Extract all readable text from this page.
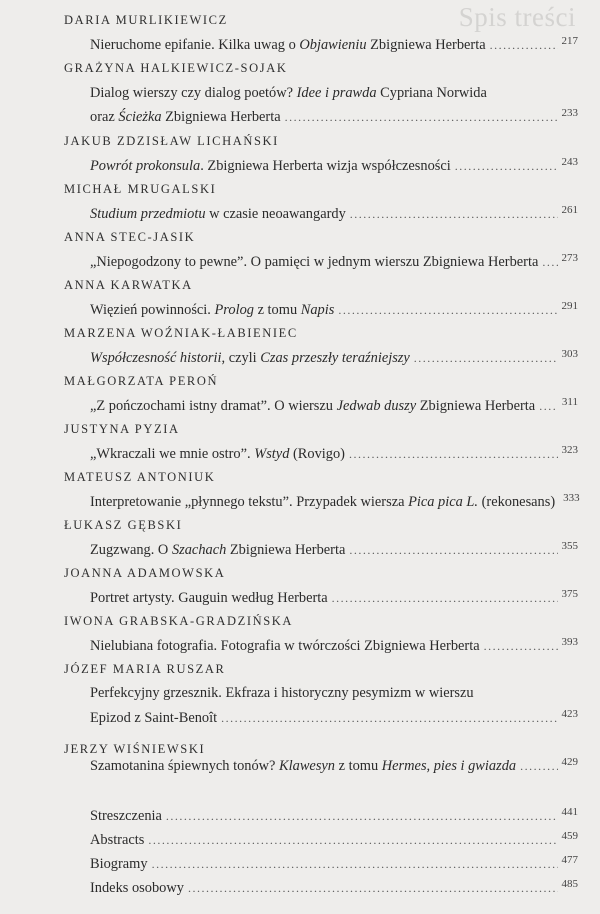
Spis treści
DARIA MURLIKIEWICZ
Nieruchome epifanie. Kilka uwag o Objawieniu Zbigniewa Herberta .....	217
GRAŻYNA HALKIEWICZ-SOJAK
Dialog wierszy czy dialog poetów? Idee i prawda Cypriana Norwida
oraz Ścieżka Zbigniewa Herberta .....	233
JAKUB ZDZISŁAW LICHAŃSKI
Powrót prokonsula. Zbigniewa Herberta wizja współczesności .....	243
MICHAŁ MRUGALSKI
Studium przedmiotu w czasie neoawangardy .....	261
ANNA STEC-JASIK
„Niepogodzony to pewne”. O pamięci w jednym wierszu Zbigniewa Herberta ..... 273
ANNA KARWATKA
Więzień powinności. Prolog z tomu Napis .....	291
MARZENA WOŹNIAK-ŁABIENIEC
Współczesność historii, czyli Czas przeszły teraźniejszy .....	303
MAŁGORZATA PEROŃ
„Z pończochami istny dramat”. O wierszu Jedwab duszy Zbigniewa Herberta ..... 311
JUSTYNA PYZIA
„Wkraczali we mnie ostro”. Wstyd (Rovigo) .....	323
MATEUSZ ANTONIUK
Interpretowanie „płynnego tekstu”. Przypadek wiersza Pica pica L. (rekonesans) 333
ŁUKASZ GĘBSKI
Zugzwang. O Szachach Zbigniewa Herberta .....	355
JOANNA ADAMOWSKA
Portret artysty. Gauguin według Herberta .....	375
IWONA GRABSKA-GRADZIŃSKA
Nielubiana fotografia. Fotografia w twórczości Zbigniewa Herberta .....	393
JÓZEF MARIA RUSZAR
Perfekcyjny grzesznik. Ekfraza i historyczny pesymizm w wierszu
Epizod z Saint-Benoît .....	423
JERZY WIŚNIEWSKI
Szamotanina śpiewnych tonów? Klawesyn z tomu Hermes, pies i gwiazda .....	429
Streszczenia .....	441
Abstracts .....	459
Biogramy .....	477
Indeks osobowy .....	485
